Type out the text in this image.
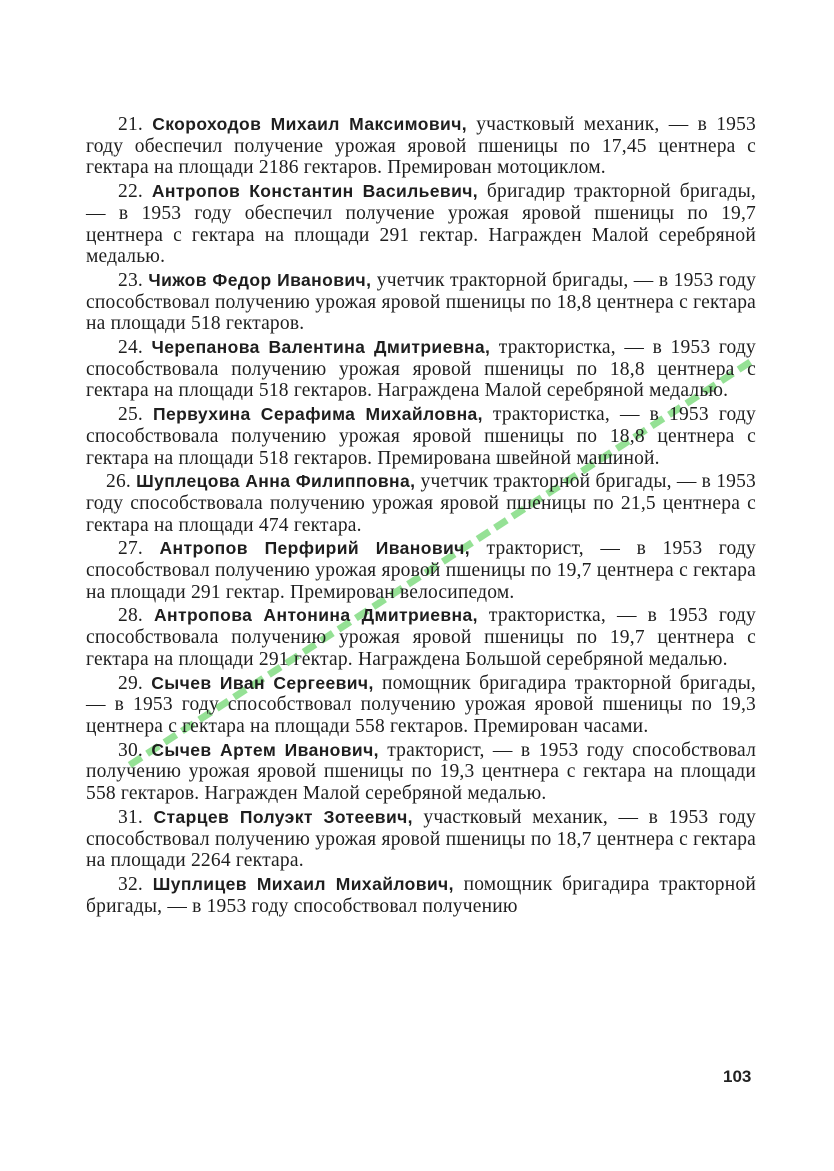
21. Скороходов Михаил Максимович, участковый механик, — в 1953 году обеспечил получение урожая яровой пшеницы по 17,45 центнера с гектара на площади 2186 гектаров. Премирован мотоциклом.

22. Антропов Константин Васильевич, бригадир тракторной бригады, — в 1953 году обеспечил получение урожая яровой пшеницы по 19,7 центнера с гектара на площади 291 гектар. Награжден Малой серебряной медалью.

23. Чижов Федор Иванович, учетчик тракторной бригады, — в 1953 году способствовал получению урожая яровой пшеницы по 18,8 центнера с гектара на площади 518 гектаров.

24. Черепанова Валентина Дмитриевна, трактористка, — в 1953 году способствовала получению урожая яровой пшеницы по 18,8 центнера с гектара на площади 518 гектаров. Награждена Малой серебряной медалью.

25. Первухина Серафима Михайловна, трактористка, — в 1953 году способствовала получению урожая яровой пшеницы по 18,8 центнера с гектара на площади 518 гектаров. Премирована швейной машиной.

26. Шуплецова Анна Филипповна, учетчик тракторной бригады, — в 1953 году способствовала получению урожая яровой пшеницы по 21,5 центнера с гектара на площади 474 гектара.

27. Антропов Перфирий Иванович, тракторист, — в 1953 году способствовал получению урожая яровой пшеницы по 19,7 центнера с гектара на площади 291 гектар. Премирован велосипедом.

28. Антропова Антонина Дмитриевна, трактористка, — в 1953 году способствовала получению урожая яровой пшеницы по 19,7 центнера с гектара на площади 291 гектар. Награждена Большой серебряной медалью.

29. Сычев Иван Сергеевич, помощник бригадира тракторной бригады, — в 1953 году способствовал получению урожая яровой пшеницы по 19,3 центнера с гектара на площади 558 гектаров. Премирован часами.

30. Сычев Артем Иванович, тракторист, — в 1953 году способствовал получению урожая яровой пшеницы по 19,3 центнера с гектара на площади 558 гектаров. Награжден Малой серебряной медалью.

31. Старцев Полуэкт Зотеевич, участковый механик, — в 1953 году способствовал получению урожая яровой пшеницы по 18,7 центнера с гектара на площади 2264 гектара.

32. Шуплицев Михаил Михайлович, помощник бригадира тракторной бригады, — в 1953 году способствовал получению

103
